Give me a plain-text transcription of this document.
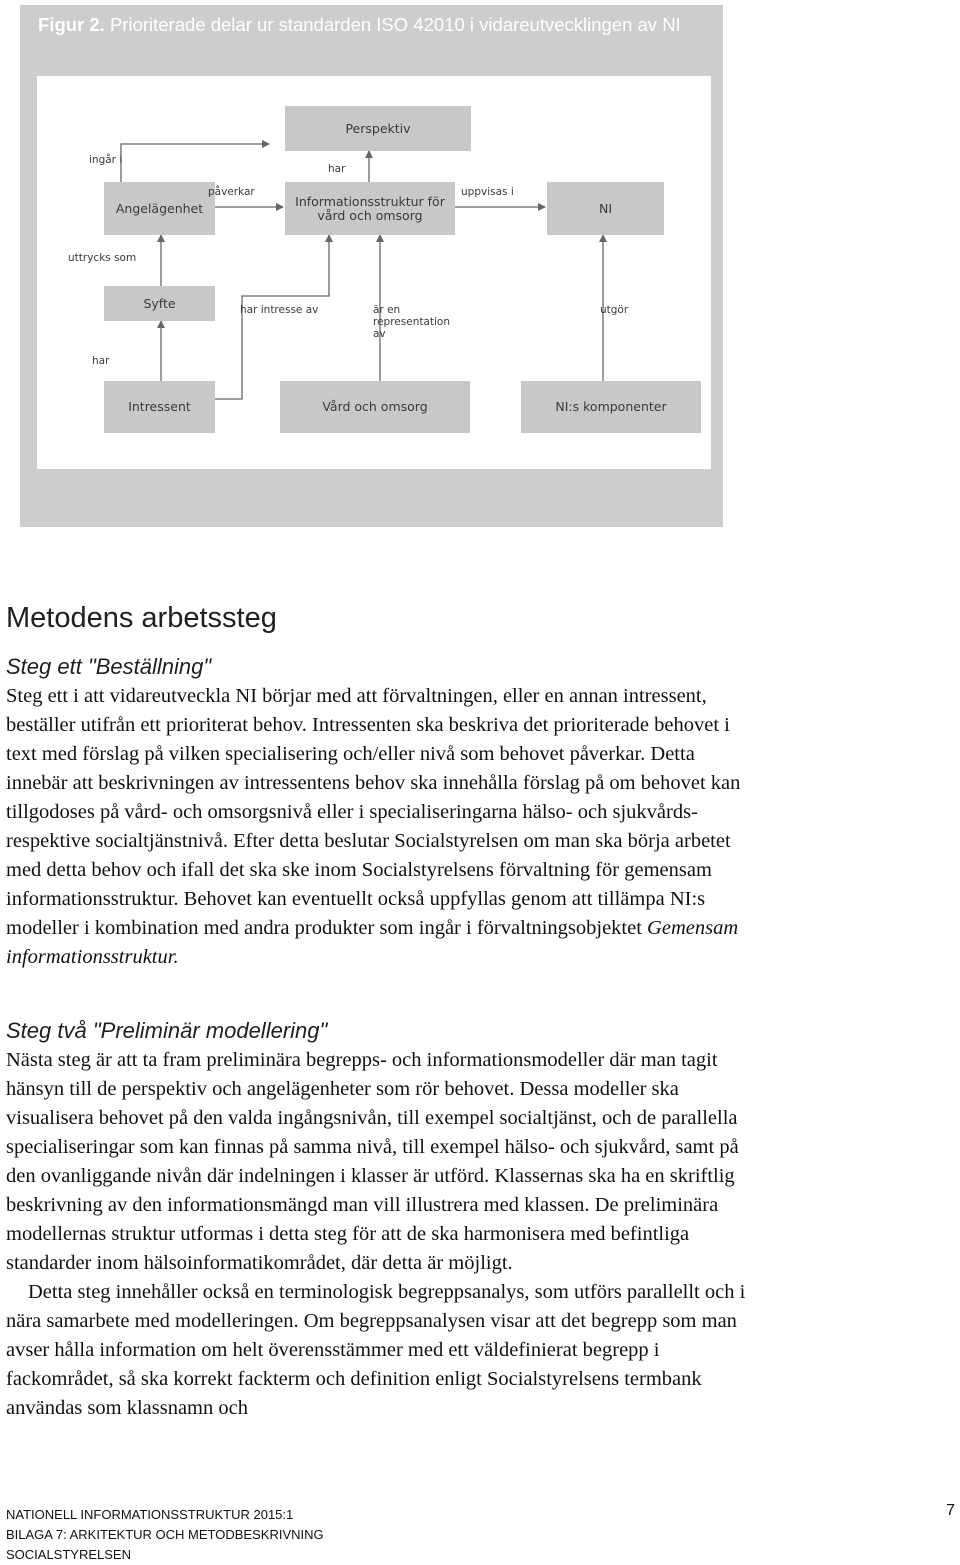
Figur 2. Prioriterade delar ur standarden ISO 42010 i vidareutvecklingen av NI
Perspektiv
Angelägenhet	Informationsstruktur för vård och omsorg	NI
Syfte
Intressent	Vård och omsorg	NI:s komponenter
ingår i
har
påverkar	uppvisas i
uttrycks som
har intresse av	är en
representation
av
utgör
har
Metodens arbetssteg
Steg ett "Beställning"

Steg ett i att vidareutveckla NI börjar med att förvaltningen, eller en annan intressent, beställer utifrån ett prioriterat behov. Intressenten ska beskriva det prioriterade behovet i text med förslag på vilken specialisering och/eller nivå som behovet påverkar. Detta innebär att beskrivningen av intressentens behov ska innehålla förslag på om behovet kan tillgodoses på vård- och omsorgsnivå eller i specialiseringarna hälso- och sjukvårds- respektive socialtjänstnivå. Efter detta beslutar Socialstyrelsen om man ska börja arbetet med detta behov och ifall det ska ske inom Socialstyrelsens förvaltning för gemensam informationsstruktur. Behovet kan eventuellt också uppfyllas genom att tillämpa NI:s modeller i kombination med andra produkter som ingår i förvaltningsobjektet Gemensam informationsstruktur.

Steg två "Preliminär modellering"

Nästa steg är att ta fram preliminära begrepps- och informationsmodeller där man tagit hänsyn till de perspektiv och angelägenheter som rör behovet. Dessa modeller ska visualisera behovet på den valda ingångsnivån, till exempel socialtjänst, och de parallella specialiseringar som kan finnas på samma nivå, till exempel hälso- och sjukvård, samt på den ovanliggande nivån där indelningen i klasser är utförd. Klassernas ska ha en skriftlig beskrivning av den informationsmängd man vill illustrera med klassen. De preliminära modellernas struktur utformas i detta steg för att de ska harmonisera med befintliga standarder inom hälsoinformatikområdet, där detta är möjligt.

Detta steg innehåller också en terminologisk begreppsanalys, som utförs parallellt och i nära samarbete med modelleringen. Om begreppsanalysen visar att det begrepp som man avser hålla information om helt överensstämmer med ett väldefinierat begrepp i fackområdet, så ska korrekt fackterm och definition enligt Socialstyrelsens termbank användas som klassnamn och

NATIONELL INFORMATIONSSTRUKTUR 2015:1
BILAGA 7: ARKITEKTUR OCH METODBESKRIVNING
SOCIALSTYRELSEN
7
